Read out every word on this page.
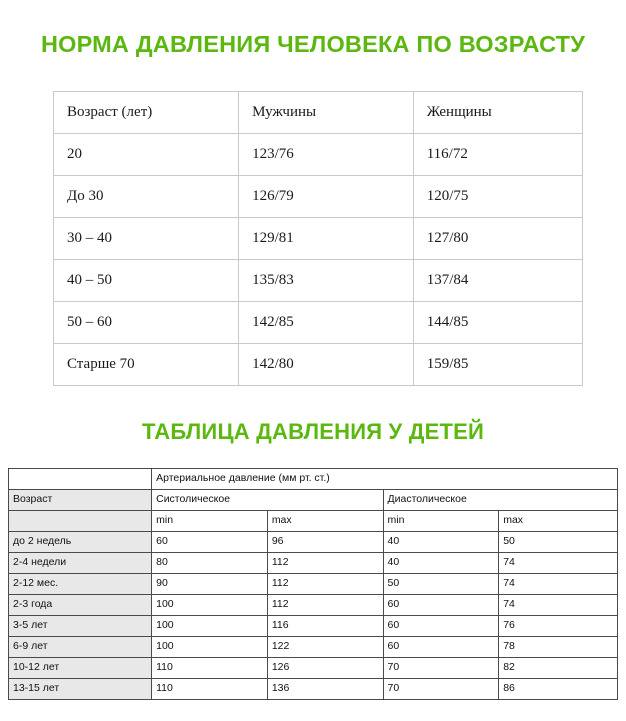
НОРМА ДАВЛЕНИЯ ЧЕЛОВЕКА ПО ВОЗРАСТУ
Возраст (лет)	Мужчины	Женщины
20	123/76	116/72
До 30	126/79	120/75
30 – 40	129/81	127/80
40 – 50	135/83	137/84
50 – 60	142/85	144/85
Старше 70	142/80	159/85
ТАБЛИЦА ДАВЛЕНИЯ У ДЕТЕЙ
	Артериальное давление (мм рт. ст.)			
Возраст	Систолическое		Диастолическое	
	min	max	min	max
до 2 недель	60	96	40	50
2-4 недели	80	112	40	74
2-12 мес.	90	112	50	74
2-3 года	100	112	60	74
3-5 лет	100	116	60	76
6-9 лет	100	122	60	78
10-12 лет	110	126	70	82
13-15 лет	110	136	70	86
